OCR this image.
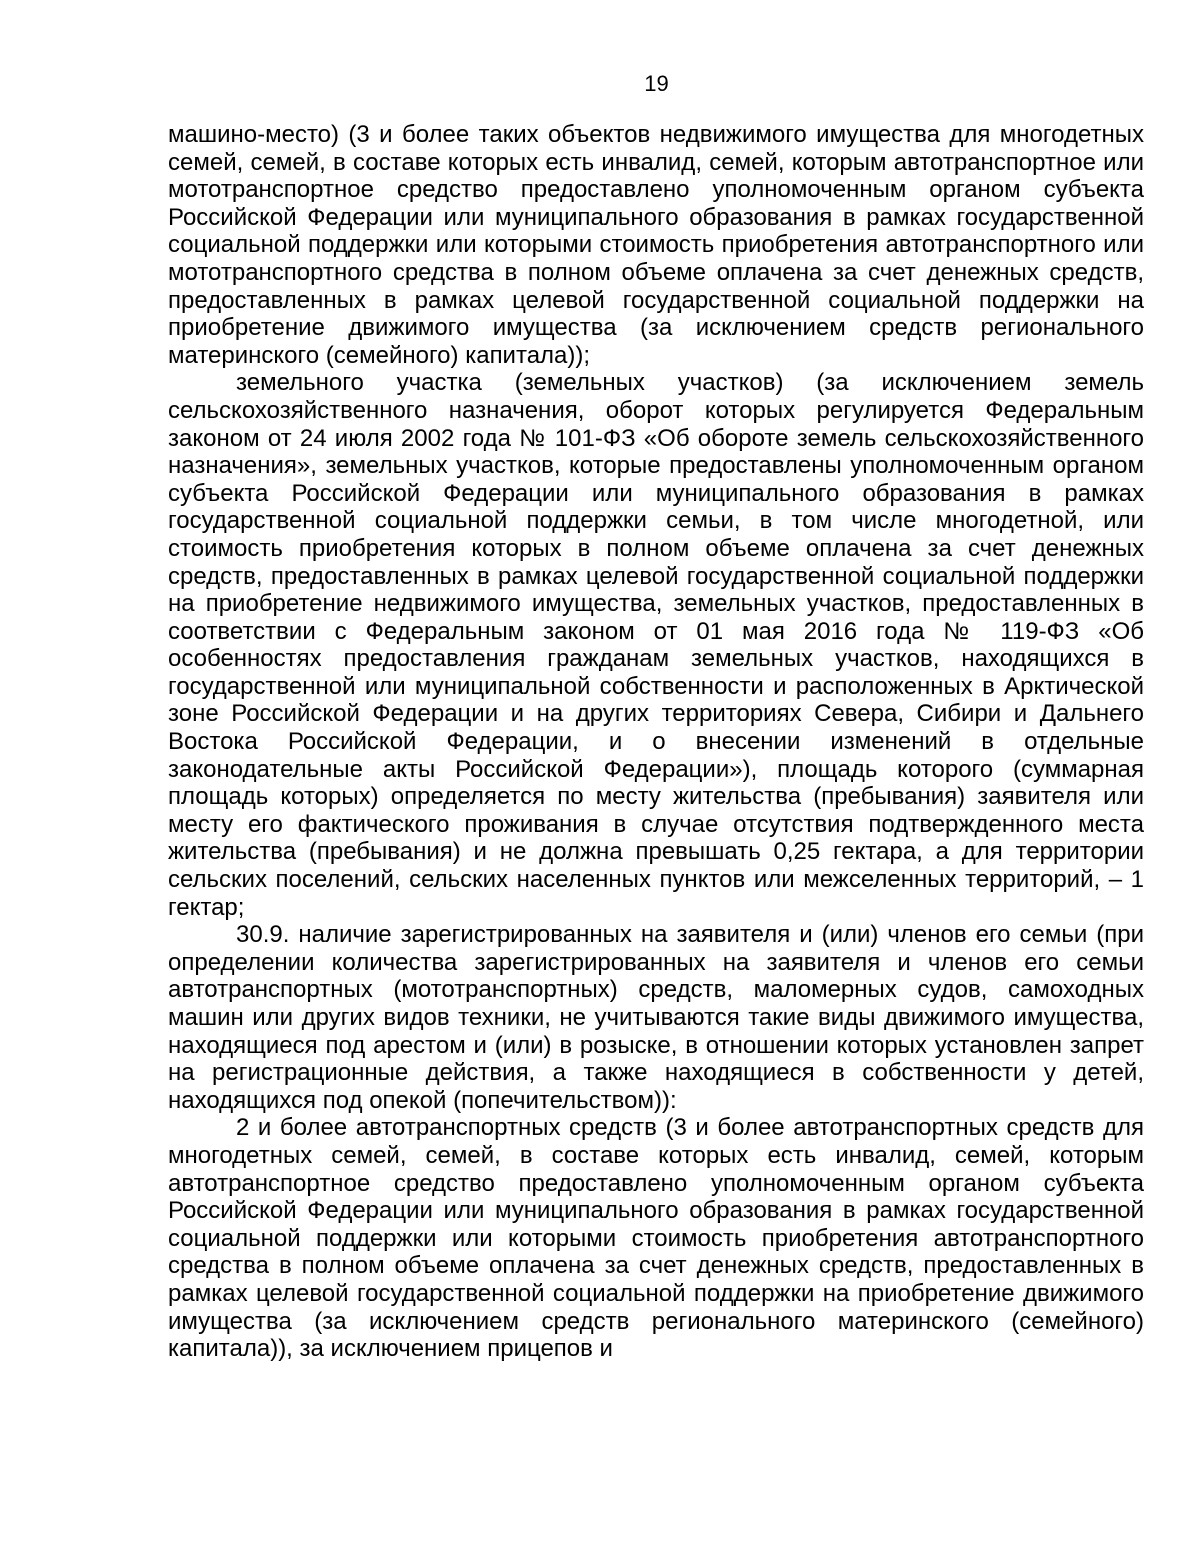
19

машино-место) (3 и более таких объектов недвижимого имущества для многодетных семей, семей, в составе которых есть инвалид, семей, которым автотранспортное или мототранспортное средство предоставлено уполномоченным органом субъекта Российской Федерации или муниципального образования в рамках государственной социальной поддержки или которыми стоимость приобретения автотранспортного или мототранспортного средства в полном объеме оплачена за счет денежных средств, предоставленных в рамках целевой государственной социальной поддержки на приобретение движимого имущества (за исключением средств регионального материнского (семейного) капитала));

земельного участка (земельных участков) (за исключением земель сельскохозяйственного назначения, оборот которых регулируется Федеральным законом от 24 июля 2002 года № 101-ФЗ «Об обороте земель сельскохозяйственного назначения», земельных участков, которые предоставлены уполномоченным органом субъекта Российской Федерации или муниципального образования в рамках государственной социальной поддержки семьи, в том числе многодетной, или стоимость приобретения которых в полном объеме оплачена за счет денежных средств, предоставленных в рамках целевой государственной социальной поддержки на приобретение недвижимого имущества, земельных участков, предоставленных в соответствии с Федеральным законом от 01 мая 2016 года № 119-ФЗ «Об особенностях предоставления гражданам земельных участков, находящихся в государственной или муниципальной собственности и расположенных в Арктической зоне Российской Федерации и на других территориях Севера, Сибири и Дальнего Востока Российской Федерации, и о внесении изменений в отдельные законодательные акты Российской Федерации»), площадь которого (суммарная площадь которых) определяется по месту жительства (пребывания) заявителя или месту его фактического проживания в случае отсутствия подтвержденного места жительства (пребывания) и не должна превышать 0,25 гектара, а для территории сельских поселений, сельских населенных пунктов или межселенных территорий, – 1 гектар;

30.9. наличие зарегистрированных на заявителя и (или) членов его семьи (при определении количества зарегистрированных на заявителя и членов его семьи автотранспортных (мототранспортных) средств, маломерных судов, самоходных машин или других видов техники, не учитываются такие виды движимого имущества, находящиеся под арестом и (или) в розыске, в отношении которых установлен запрет на регистрационные действия, а также находящиеся в собственности у детей, находящихся под опекой (попечительством)):

2 и более автотранспортных средств (3 и более автотранспортных средств для многодетных семей, семей, в составе которых есть инвалид, семей, которым автотранспортное средство предоставлено уполномоченным органом субъекта Российской Федерации или муниципального образования в рамках государственной социальной поддержки или которыми стоимость приобретения автотранспортного средства в полном объеме оплачена за счет денежных средств, предоставленных в рамках целевой государственной социальной поддержки на приобретение движимого имущества (за исключением средств регионального материнского (семейного) капитала)), за исключением прицепов и
